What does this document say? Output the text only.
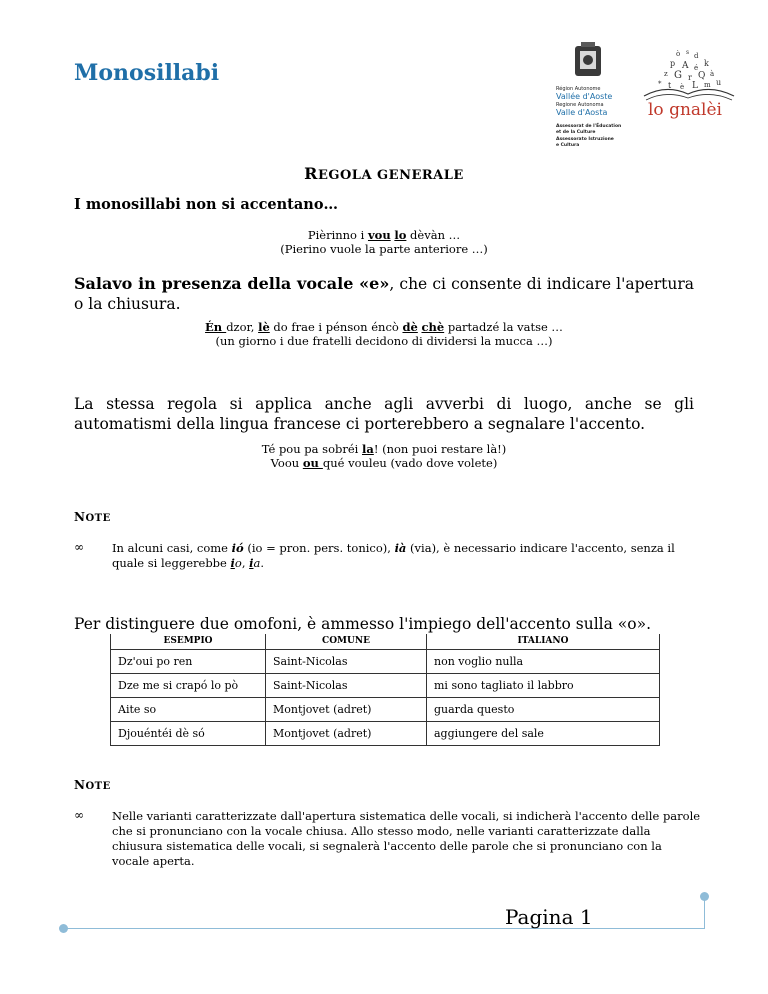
Monosillabi
Région Autonome
Vallée d'Aoste
Regione Autonoma
Valle d'Aosta
Assessorat de l'Éducation
et de la Culture
Assessorato Istruzione
e Cultura
ò s d
p A é k
z G r Q à
* t è L m u
lo gnalèi
REGOLA GENERALE
I monosillabi non si accentano…
Pièrinno i vou lo dèvàn …
(Pierino vuole la parte anteriore …)
Salavo in presenza della vocale «e», che ci consente di indicare l'apertura o la chiusura.
Én dzor, lè do frae i pénson éncò dè chè partadzé la vatse …
(un giorno i due fratelli decidono di dividersi la mucca …)
La stessa regola si applica anche agli avverbi di luogo, anche se gli automatismi della lingua francese ci porterebbero a segnalare l'accento.
Té pou pa sobréi la! (non puoi restare là!)
Voou ou qué vouleu (vado dove volete)
NOTE
∞ In alcuni casi, come ió (io = pron. pers. tonico), ià (via), è necessario indicare l'accento, senza il quale si leggerebbe io, ia.
Per distinguere due omofoni, è ammesso l'impiego dell'accento sulla «o».
ESEMPIO	COMUNE	ITALIANO
Dz'oui po ren	Saint-Nicolas	non voglio nulla
Dze me si crapó lo pò	Saint-Nicolas	mi sono tagliato il labbro
Aite so	Montjovet (adret)	guarda questo
Djouéntéi dè só	Montjovet (adret)	aggiungere del sale
NOTE
∞ Nelle varianti caratterizzate dall'apertura sistematica delle vocali, si indicherà l'accento delle parole che si pronunciano con la vocale chiusa. Allo stesso modo, nelle varianti caratterizzate dalla chiusura sistematica delle vocali, si segnalerà l'accento delle parole che si pronunciano con la vocale aperta.
Pagina 1
